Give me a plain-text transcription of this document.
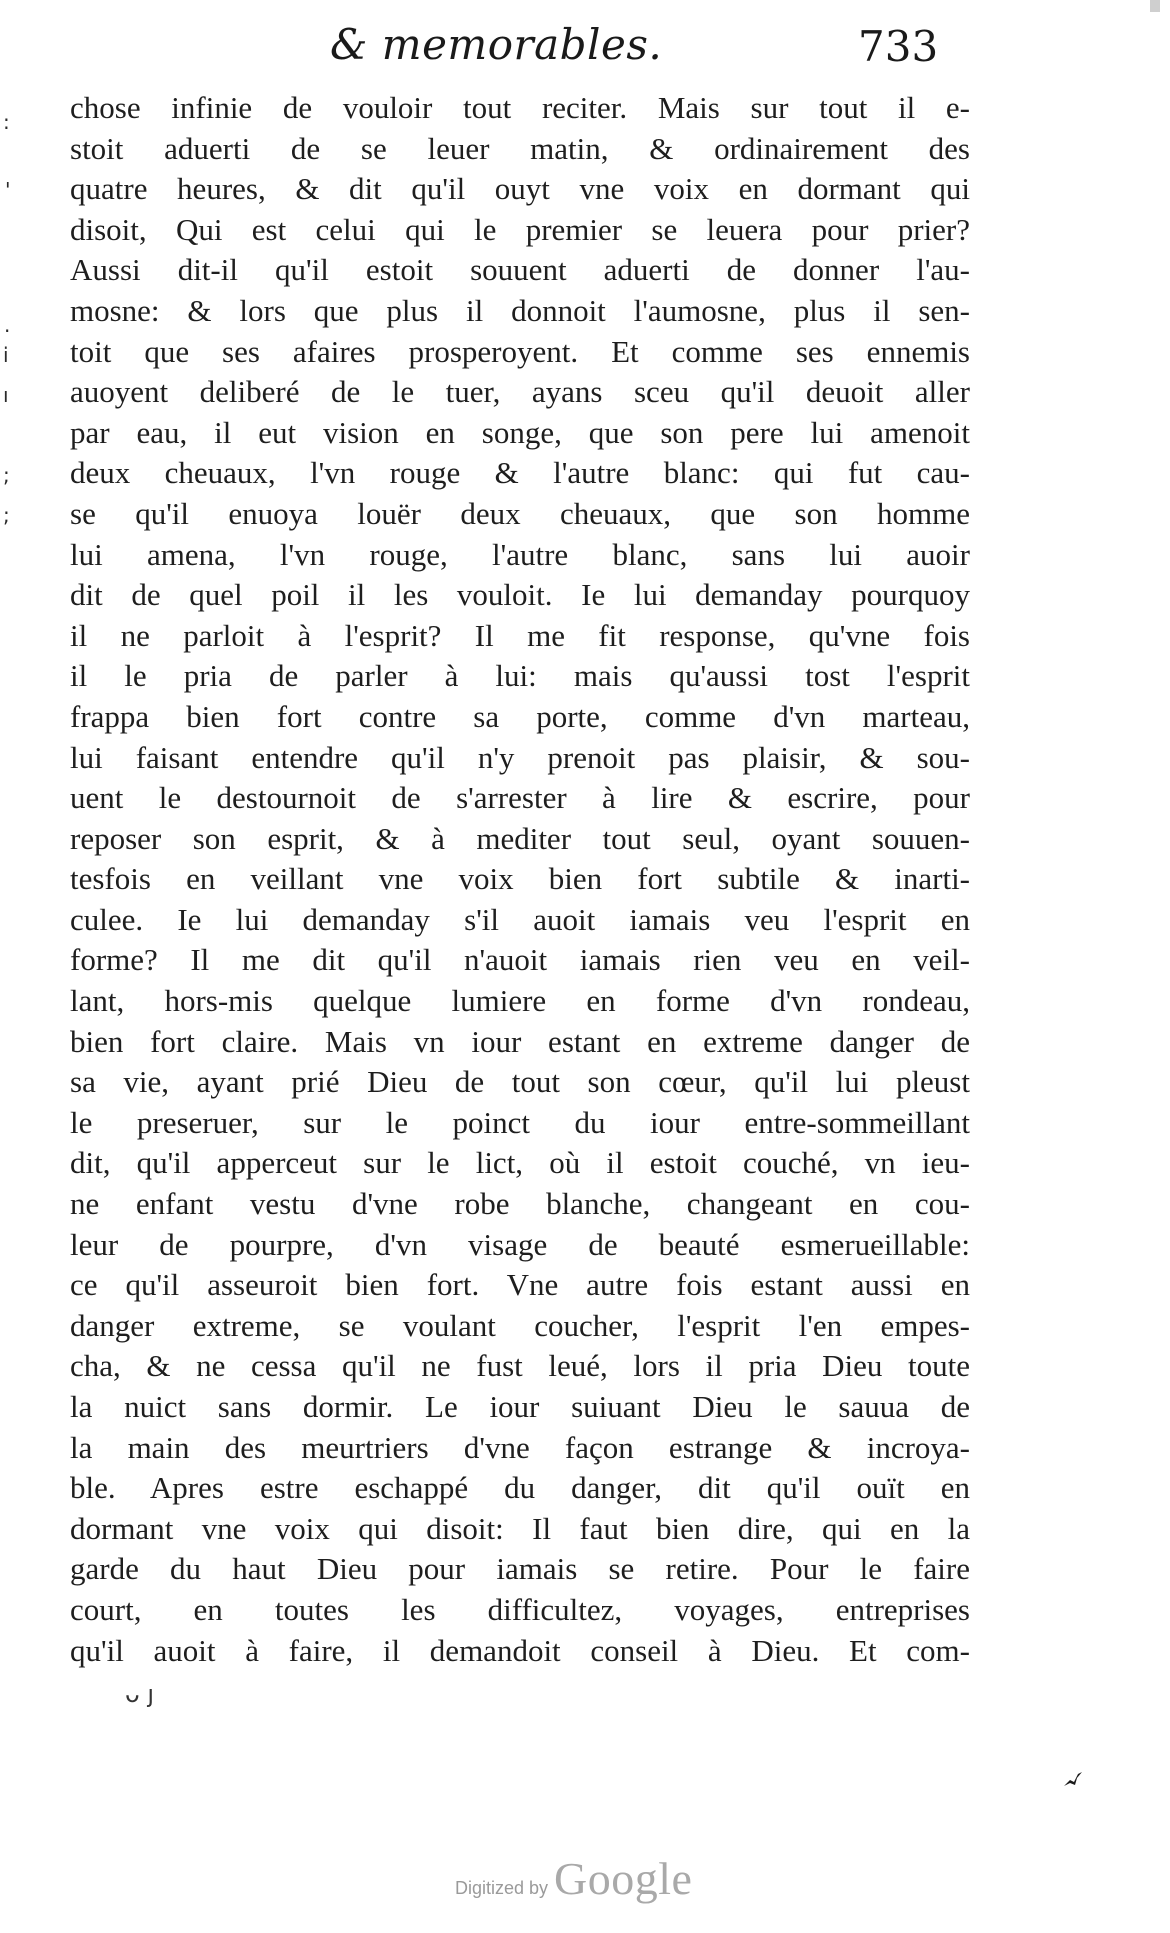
& memorables.	733
:
'
.
i
ı
;
;
chose infinie de vouloir tout reciter. Mais sur tout il e-
stoit aduerti de se leuer matin, & ordinairement des
quatre heures, & dit qu'il ouyt vne voix en dormant qui
disoit, Qui est celui qui le premier se leuera pour prier?
Aussi dit-il qu'il estoit souuent aduerti de donner l'au-
mosne: & lors que plus il donnoit l'aumosne, plus il sen-
toit que ses afaires prosperoyent. Et comme ses ennemis
auoyent deliberé de le tuer, ayans sceu qu'il deuoit aller
par eau, il eut vision en songe, que son pere lui amenoit
deux cheuaux, l'vn rouge & l'autre blanc: qui fut cau-
se qu'il enuoya louër deux cheuaux, que son homme
lui amena, l'vn rouge, l'autre blanc, sans lui auoir
dit de quel poil il les vouloit. Ie lui demanday pourquoy
il ne parloit à l'esprit? Il me fit response, qu'vne fois
il le pria de parler à lui: mais qu'aussi tost l'esprit
frappa bien fort contre sa porte, comme d'vn marteau,
lui faisant entendre qu'il n'y prenoit pas plaisir, & sou-
uent le destournoit de s'arrester à lire & escrire, pour
reposer son esprit, & à mediter tout seul, oyant souuen-
tesfois en veillant vne voix bien fort subtile & inarti-
culee. Ie lui demanday s'il auoit iamais veu l'esprit en
forme? Il me dit qu'il n'auoit iamais rien veu en veil-
lant, hors-mis quelque lumiere en forme d'vn rondeau,
bien fort claire. Mais vn iour estant en extreme danger de
sa vie, ayant prié Dieu de tout son cœur, qu'il lui pleust
le preseruer, sur le poinct du iour entre-sommeillant
dit, qu'il apperceut sur le lict, où il estoit couché, vn ieu-
ne enfant vestu d'vne robe blanche, changeant en cou-
leur de pourpre, d'vn visage de beauté esmerueillable:
ce qu'il asseuroit bien fort. Vne autre fois estant aussi en
danger extreme, se voulant coucher, l'esprit l'en empes-
cha, & ne cessa qu'il ne fust leué, lors il pria Dieu toute
la nuict sans dormir. Le iour suiuant Dieu le sauua de
la main des meurtriers d'vne façon estrange & incroya-
ble. Apres estre eschappé du danger, dit qu'il ouït en
dormant vne voix qui disoit: Il faut bien dire, qui en la
garde du haut Dieu pour iamais se retire. Pour le faire
court, en toutes les difficultez, voyages, entreprises
qu'il auoit à faire, il demandoit conseil à Dieu. Et com-
ᴗ ȷ
Digitized by Google
